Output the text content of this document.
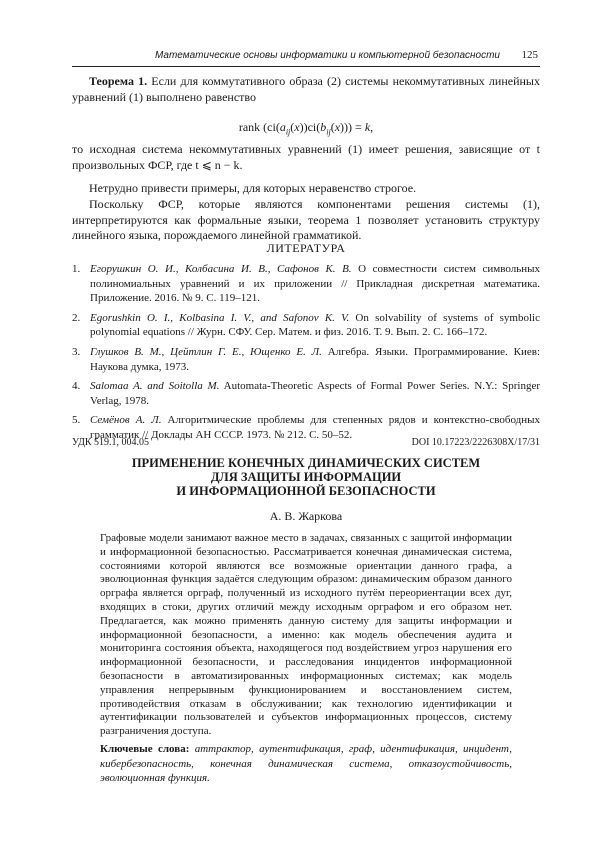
Математические основы информатики и компьютерной безопасности 125
Теорема 1. Если для коммутативного образа (2) системы некоммутативных линейных уравнений (1) выполнено равенство
rank $(ci(a_{ij}(x))ci(b_{ij}(x))) = k$,
то исходная система некоммутативных уравнений (1) имеет решения, зависящие от t произвольных ФСР, где t ⩽ n − k.
Нетрудно привести примеры, для которых неравенство строгое.
Поскольку ФСР, которые являются компонентами решения системы (1), интерпретируются как формальные языки, теорема 1 позволяет установить структуру линейного языка, порождаемого линейной грамматикой.
ЛИТЕРАТУРА
1. Егорушкин О. И., Колбасина И. В., Сафонов К. В. О совместности систем символьных полиномиальных уравнений и их приложении // Прикладная дискретная математика. Приложение. 2016. № 9. С. 119–121.
2. Egorushkin O. I., Kolbasina I. V., and Safonov K. V. On solvability of systems of symbolic polynomial equations // Журн. СФУ. Сер. Матем. и физ. 2016. Т. 9. Вып. 2. С. 166–172.
3. Глушков В. М., Цейтлин Г. Е., Ющенко Е. Л. Алгебра. Языки. Программирование. Киев: Наукова думка, 1973.
4. Salomaa A. and Soitolla M. Automata-Theoretic Aspects of Formal Power Series. N.Y.: Springer Verlag, 1978.
5. Семёнов А. Л. Алгоритмические проблемы для степенных рядов и контекстно-свободных грамматик // Доклады АН СССР. 1973. № 212. С. 50–52.
УДК 519.1, 004.05	DOI 10.17223/2226308X/17/31
ПРИМЕНЕНИЕ КОНЕЧНЫХ ДИНАМИЧЕСКИХ СИСТЕМ
ДЛЯ ЗАЩИТЫ ИНФОРМАЦИИ
И ИНФОРМАЦИОННОЙ БЕЗОПАСНОСТИ
А. В. Жаркова
Графовые модели занимают важное место в задачах, связанных с защитой информации и информационной безопасностью. Рассматривается конечная динамическая система, состояниями которой являются все возможные ориентации данного графа, а эволюционная функция задаётся следующим образом: динамическим образом данного орграфа является орграф, полученный из исходного путём переориентации всех дуг, входящих в стоки, других отличий между исходным орграфом и его образом нет. Предлагается, как можно применять данную систему для защиты информации и информационной безопасности, а именно: как модель обеспечения аудита и мониторинга состояния объекта, находящегося под воздействием угроз нарушения его информационной безопасности, и расследования инцидентов информационной безопасности в автоматизированных информационных системах; как модель управления непрерывным функционированием и восстановлением систем, противодействия отказам в обслуживании; как технологию идентификации и аутентификации пользователей и субъектов информационных процессов, систему разграничения доступа.
Ключевые слова: аттрактор, аутентификация, граф, идентификация, инцидент, кибербезопасность, конечная динамическая система, отказоустойчивость, эволюционная функция.
